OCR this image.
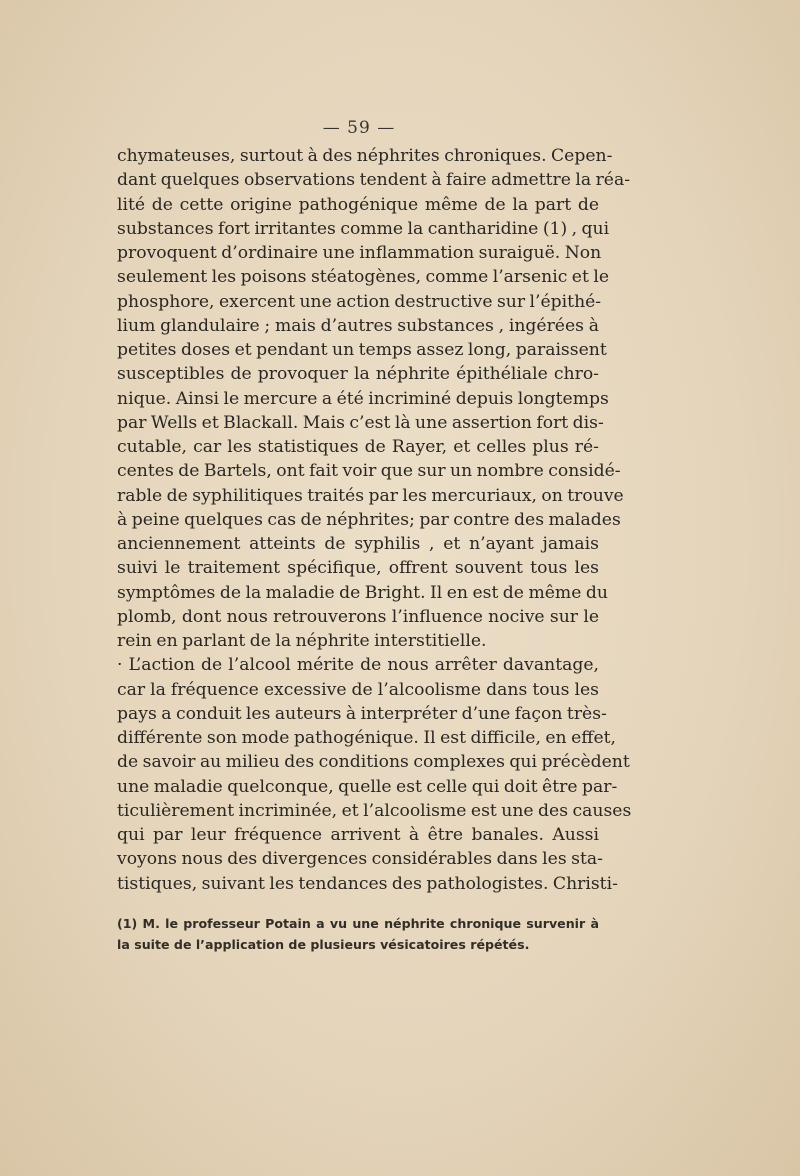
— 59 —
chymateuses, surtout à des néphrites chroniques. Cepen-
dant quelques observations tendent à faire admettre la réa-
lité de cette origine pathogénique même de la part de
substances fort irritantes comme la cantharidine (1) , qui
provoquent d’ordinaire une inflammation suraiguë. Non
seulement les poisons stéatogènes, comme l’arsenic et le
phosphore, exercent une action destructive sur l’épithé-
lium glandulaire ; mais d’autres substances , ingérées à
petites doses et pendant un temps assez long, paraissent
susceptibles de provoquer la néphrite épithéliale chro-
nique. Ainsi le mercure a été incriminé depuis longtemps
par Wells et Blackall. Mais c’est là une assertion fort dis-
cutable, car les statistiques de Rayer, et celles plus ré-
centes de Bartels, ont fait voir que sur un nombre considé-
rable de syphilitiques traités par les mercuriaux, on trouve
à peine quelques cas de néphrites; par contre des malades
anciennement atteints de syphilis , et n’ayant jamais
suivi le traitement spécifique, offrent souvent tous les
symptômes de la maladie de Bright. Il en est de même du
plomb, dont nous retrouverons l’influence nocive sur le
rein en parlant de la néphrite interstitielle.
· L’action de l’alcool mérite de nous arrêter davantage,
car la fréquence excessive de l’alcoolisme dans tous les
pays a conduit les auteurs à interpréter d’une façon très-
différente son mode pathogénique. Il est difficile, en effet,
de savoir au milieu des conditions complexes qui précèdent
une maladie quelconque, quelle est celle qui doit être par-
ticulièrement incriminée, et l’alcoolisme est une des causes
qui par leur fréquence arrivent à être banales. Aussi
voyons nous des divergences considérables dans les sta-
tistiques, suivant les tendances des pathologistes. Christi-
(1) M. le professeur Potain a vu une néphrite chronique survenir à
la suite de l’application de plusieurs vésicatoires répétés.
